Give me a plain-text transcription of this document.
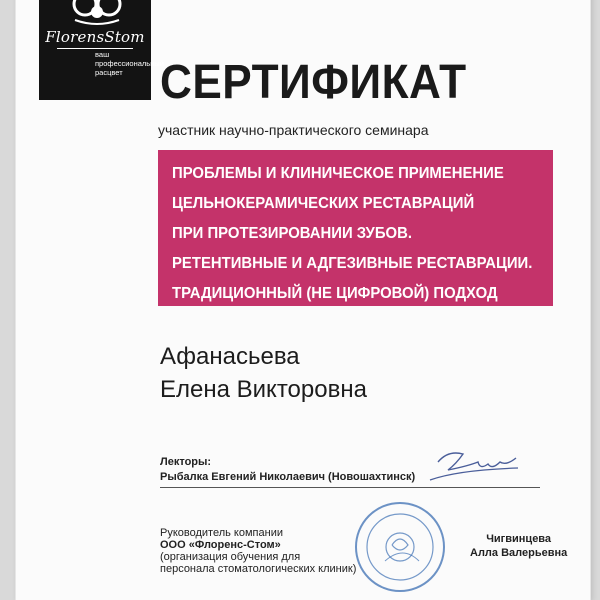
FlorensStom
ваш
профессиональный
расцвет СЕРТИФИКАТ
участник научно-практического семинара
ПРОБЛЕМЫ И КЛИНИЧЕСКОЕ ПРИМЕНЕНИЕ
ЦЕЛЬНОКЕРАМИЧЕСКИХ РЕСТАВРАЦИЙ
ПРИ ПРОТЕЗИРОВАНИИ ЗУБОВ.
РЕТЕНТИВНЫЕ И АДГЕЗИВНЫЕ РЕСТАВРАЦИИ.
ТРАДИЦИОННЫЙ (НЕ ЦИФРОВОЙ) ПОДХОД
Афанасьева
Елена Викторовна
Лекторы:
Рыбалка Евгений Николаевич (Новошахтинск)
Руководитель компании
ООО «Флоренс-Стом»
(организация обучения для
персонала стоматологических клиник)
Чигвинцева
Алла Валерьевна
